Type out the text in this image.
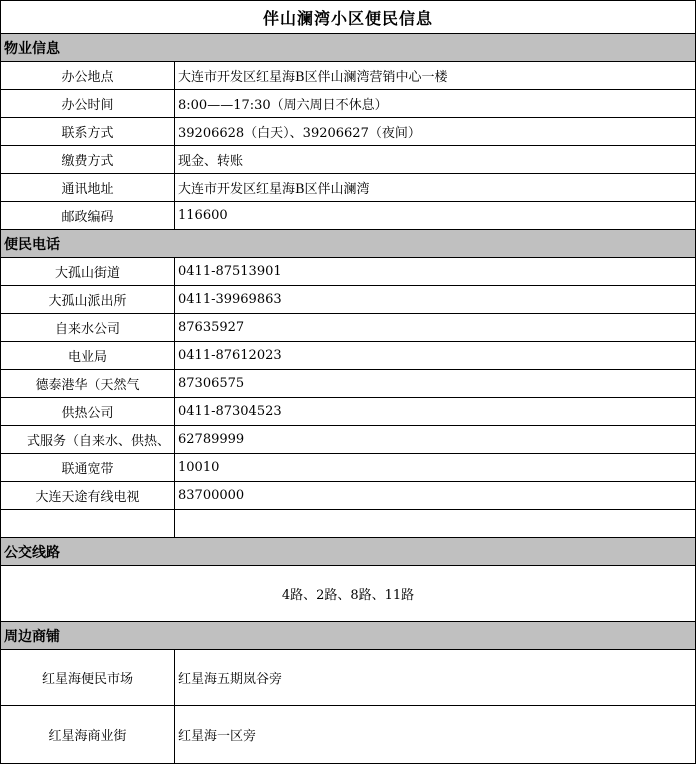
伴山澜湾小区便民信息	
物业信息	
办公地点	大连市开发区红星海B区伴山澜湾营销中心一楼
办公时间	8:00——17:30（周六周日不休息）
联系方式	39206628（白天）、39206627（夜间）
缴费方式	现金、转账
通讯地址	大连市开发区红星海B区伴山澜湾
邮政编码	116600
便民电话	
大孤山街道	0411-87513901
大孤山派出所	0411-39969863
自来水公司	87635927
电业局	0411-87612023
德泰港华（天然气	87306575
供热公司	0411-87304523
式服务（自来水、供热、	62789999
联通宽带	10010
大连天途有线电视	83700000

公交线路	
4路、2路、8路、11路	
周边商铺	
红星海便民市场	红星海五期岚谷旁
红星海商业街	红星海一区旁
